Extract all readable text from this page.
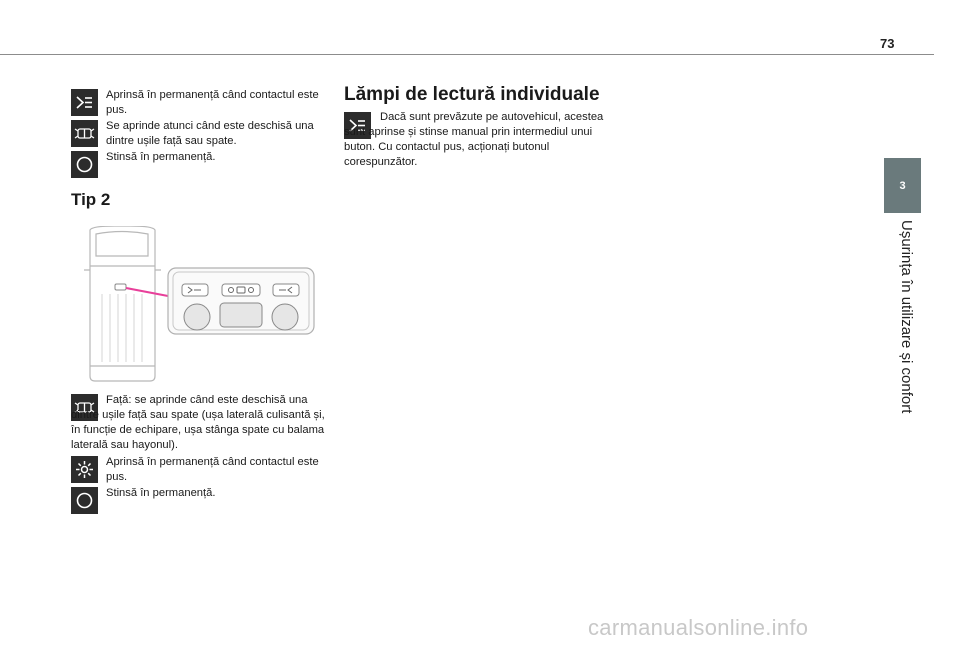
73
3
Ușurința în utilizare și confort

Aprinsă în permanență când contactul este pus.

Se aprinde atunci când este deschisă una dintre ușile față sau spate.

Stinsă în permanență.

Tip 2

Față: se aprinde când este deschisă una dintre ușile față sau spate (ușa laterală culisantă și, în funcție de echipare, ușa stânga spate cu balama laterală sau hayonul).

Aprinsă în permanență când contactul este pus.

Stinsă în permanență.

Lămpi de lectură individuale

Dacă sunt prevăzute pe autovehicul, acestea sunt aprinse și stinse manual prin intermediul unui buton. Cu contactul pus, acționați butonul corespunzător.

carmanualsonline.info
